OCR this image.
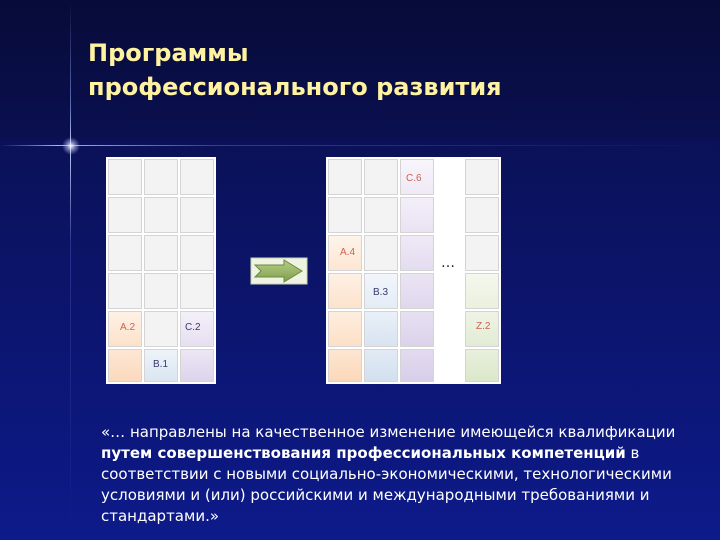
Программы
профессионального развития
A.2	C.2
B.1
C.6
A.4
B.3
Z.2
…

«… направлены на качественное изменение имеющейся квалификации путем совершенствования профессиональных компетенций в соответствии с новыми социально-экономическими, технологическими условиями и (или) российскими и международными требованиями и стандартами.»
